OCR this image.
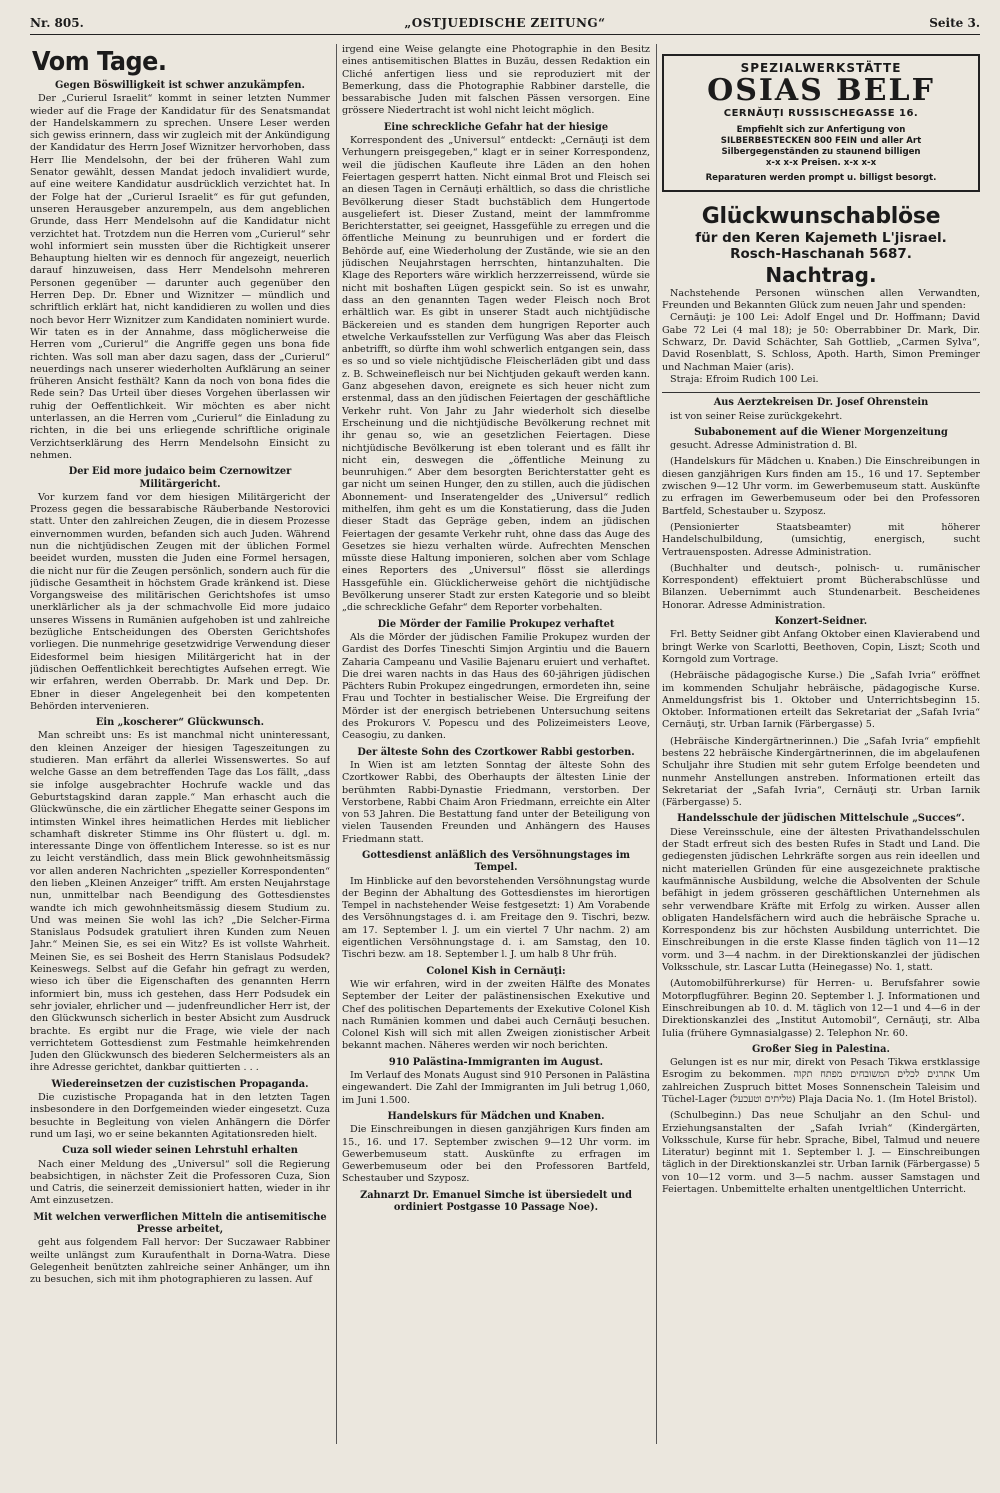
Nr. 805.	„OSTJUEDISCHE ZEITUNG“	Seite 3.
Vom Tage.
Gegen Böswilligkeit ist schwer anzukämpfen.

Der „Curierul Israelit“ kommt in seiner letzten Nummer wieder auf die Frage der Kandidatur für des Senatsmandat der Handelskammern zu sprechen. Unsere Leser werden sich gewiss erinnern, dass wir zugleich mit der Ankündigung der Kandidatur des Herrn Josef Wiznitzer hervorhoben, dass Herr Ilie Mendelsohn, der bei der früheren Wahl zum Senator gewählt, dessen Mandat jedoch invalidiert wurde, auf eine weitere Kandidatur ausdrücklich verzichtet hat. In der Folge hat der „Curierul Israelit“ es für gut gefunden, unseren Herausgeber anzurempeln, aus dem angeblichen Grunde, dass Herr Mendelsohn auf die Kandidatur nicht verzichtet hat. Trotzdem nun die Herren vom „Curierul“ sehr wohl informiert sein mussten über die Richtigkeit unserer Behauptung hielten wir es dennoch für angezeigt, neuerlich darauf hinzuweisen, dass Herr Mendelsohn mehreren Personen gegenüber — darunter auch gegenüber den Herren Dep. Dr. Ebner und Wiznitzer — mündlich und schriftlich erklärt hat, nicht kandidieren zu wollen und dies noch bevor Herr Wiznitzer zum Kandidaten nominiert wurde. Wir taten es in der Annahme, dass möglicherweise die Herren vom „Curierul“ die Angriffe gegen uns bona fide richten. Was soll man aber dazu sagen, dass der „Curierul“ neuerdings nach unserer wiederholten Aufklärung an seiner früheren Ansicht festhält? Kann da noch von bona fides die Rede sein? Das Urteil über dieses Vorgehen überlassen wir ruhig der Oeffentlichkeit. Wir möchten es aber nicht unterlassen, an die Herren vom „Curierul“ die Einladung zu richten, in die bei uns erliegende schriftliche originale Verzichtserklärung des Herrn Mendelsohn Einsicht zu nehmen.

Der Eid more judaico beim Czernowitzer Militärgericht.

Vor kurzem fand vor dem hiesigen Militärgericht der Prozess gegen die bessarabische Räuberbande Nestorovici statt. Unter den zahlreichen Zeugen, die in diesem Prozesse einvernommen wurden, befanden sich auch Juden. Während nun die nichtjüdischen Zeugen mit der üblichen Formel beeidet wurden, mussten die Juden eine Formel hersagen, die nicht nur für die Zeugen persönlich, sondern auch für die jüdische Gesamtheit in höchstem Grade kränkend ist. Diese Vorgangsweise des militärischen Gerichtshofes ist umso unerklärlicher als ja der schmachvolle Eid more judaico unseres Wissens in Rumänien aufgehoben ist und zahlreiche bezügliche Entscheidungen des Obersten Gerichtshofes vorliegen. Die nunmehrige gesetzwidrige Verwendung dieser Eidesformel beim hiesigen Militärgericht hat in der jüdischen Oeffentlichkeit berechtigtes Aufsehen erregt. Wie wir erfahren, werden Oberrabb. Dr. Mark und Dep. Dr. Ebner in dieser Angelegenheit bei den kompetenten Behörden intervenieren.

Ein „koscherer“ Glückwunsch.

Man schreibt uns: Es ist manchmal nicht uninteressant, den kleinen Anzeiger der hiesigen Tageszeitungen zu studieren. Man erfährt da allerlei Wissenswertes. So auf welche Gasse an dem betreffenden Tage das Los fällt, „dass sie infolge ausgebrachter Hochrufe wackle und das Geburtstagskind daran zapple.“ Man erhascht auch die Glückwünsche, die ein zärtlicher Ehegatte seiner Gespons im intimsten Winkel ihres heimatlichen Herdes mit lieblicher schamhaft diskreter Stimme ins Ohr flüstert u. dgl. m. interessante Dinge von öffentlichem Interesse. so ist es nur zu leicht verständlich, dass mein Blick gewohnheitsmässig vor allen anderen Nachrichten „spezieller Korrespondenten“ den lieben „Kleinen Anzeiger“ trifft. Am ersten Neujahrstage nun, unmittelbar nach Beendigung des Gottesdienstes wandte ich mich gewohnheitsmässig diesem Studium zu. Und was meinen Sie wohl las ich? „Die Selcher-Firma Stanislaus Podsudek gratuliert ihren Kunden zum Neuen Jahr.“ Meinen Sie, es sei ein Witz? Es ist vollste Wahrheit. Meinen Sie, es sei Bosheit des Herrn Stanislaus Podsudek? Keineswegs. Selbst auf die Gefahr hin gefragt zu werden, wieso ich über die Eigenschaften des genannten Herrn informiert bin, muss ich gestehen, dass Herr Podsudek ein sehr jovialer, ehrlicher und — judenfreundlicher Herr ist, der den Glückwunsch sicherlich in bester Absicht zum Ausdruck brachte. Es ergibt nur die Frage, wie viele der nach verrichtetem Gottesdienst zum Festmahle heimkehrenden Juden den Glückwunsch des biederen Selchermeisters als an ihre Adresse gerichtet, dankbar quittierten . . .

Wiedereinsetzen der cuzistischen Propaganda.

Die cuzistische Propaganda hat in den letzten Tagen insbesondere in den Dorfgemeinden wieder eingesetzt. Cuza besuchte in Begleitung von vielen Anhängern die Dörfer rund um Iaşi, wo er seine bekannten Agitationsreden hielt.

Cuza soll wieder seinen Lehrstuhl erhalten

Nach einer Meldung des „Universul“ soll die Regierung beabsichtigen, in nächster Zeit die Professoren Cuza, Sion und Catris, die seinerzeit demissioniert hatten, wieder in ihr Amt einzusetzen.

Mit welchen verwerflichen Mitteln die antisemitische Presse arbeitet,

geht aus folgendem Fall hervor: Der Suczawaer Rabbiner weilte unlängst zum Kuraufenthalt in Dorna-Watra. Diese Gelegenheit benützten zahlreiche seiner Anhänger, um ihn zu besuchen, sich mit ihm photographieren zu lassen. Auf

irgend eine Weise gelangte eine Photographie in den Besitz eines antisemitischen Blattes in Buzău, dessen Redaktion ein Cliché anfertigen liess und sie reproduziert mit der Bemerkung, dass die Photographie Rabbiner darstelle, die bessarabische Juden mit falschen Pässen versorgen. Eine grössere Niedertracht ist wohl nicht leicht möglich.

Eine schreckliche Gefahr hat der hiesige

Korrespondent des „Universul“ entdeckt: „Cernăuţi ist dem Verhungern preisgegeben,“ klagt er in seiner Korrespondenz, weil die jüdischen Kaufleute ihre Läden an den hohen Feiertagen gesperrt hatten. Nicht einmal Brot und Fleisch sei an diesen Tagen in Cernăuţi erhältlich, so dass die christliche Bevölkerung dieser Stadt buchstäblich dem Hungertode ausgeliefert ist. Dieser Zustand, meint der lammfromme Berichterstatter, sei geeignet, Hassgefühle zu erregen und die öffentliche Meinung zu beunruhigen und er fordert die Behörde auf, eine Wiederholung der Zustände, wie sie an den jüdischen Neujahrstagen herrschten, hintanzuhalten. Die Klage des Reporters wäre wirklich herzzerreissend, würde sie nicht mit boshaften Lügen gespickt sein. So ist es unwahr, dass an den genannten Tagen weder Fleisch noch Brot erhältlich war. Es gibt in unserer Stadt auch nichtjüdische Bäckereien und es standen dem hungrigen Reporter auch etwelche Verkaufsstellen zur Verfügung Was aber das Fleisch anbetrifft, so dürfte ihm wohl schwerlich entgangen sein, dass es so und so viele nichtjüdische Fleischerläden gibt und dass z. B. Schweinefleisch nur bei Nichtjuden gekauft werden kann. Ganz abgesehen davon, ereignete es sich heuer nicht zum erstenmal, dass an den jüdischen Feiertagen der geschäftliche Verkehr ruht. Von Jahr zu Jahr wiederholt sich dieselbe Erscheinung und die nichtjüdische Bevölkerung rechnet mit ihr genau so, wie an gesetzlichen Feiertagen. Diese nichtjüdische Bevölkerung ist eben tolerant und es fällt ihr nicht ein, deswegen die „öffentliche Meinung zu beunruhigen.“ Aber dem besorgten Berichterstatter geht es gar nicht um seinen Hunger, den zu stillen, auch die jüdischen Abonnement- und Inseratengelder des „Universul“ redlich mithelfen, ihm geht es um die Konstatierung, dass die Juden dieser Stadt das Gepräge geben, indem an jüdischen Feiertagen der gesamte Verkehr ruht, ohne dass das Auge des Gesetzes sie hiezu verhalten würde. Aufrechten Menschen müsste diese Haltung imponieren, solchen aber vom Schlage eines Reporters des „Universul“ flösst sie allerdings Hassgefühle ein. Glücklicherweise gehört die nichtjüdische Bevölkerung unserer Stadt zur ersten Kategorie und so bleibt „die schreckliche Gefahr“ dem Reporter vorbehalten.

Die Mörder der Familie Prokupez verhaftet

Als die Mörder der jüdischen Familie Prokupez wurden der Gardist des Dorfes Tineschti Simjon Argintiu und die Bauern Zaharia Campeanu und Vasilie Bajenaru eruiert und verhaftet. Die drei waren nachts in das Haus des 60-jährigen jüdischen Pächters Rubin Prokupez eingedrungen, ermordeten ihn, seine Frau und Tochter in bestialischer Weise. Die Ergreifung der Mörder ist der energisch betriebenen Untersuchung seitens des Prokurors V. Popescu und des Polizeimeisters Leove, Ceasogiu, zu danken.

Der älteste Sohn des Czortkower Rabbi gestorben.

In Wien ist am letzten Sonntag der älteste Sohn des Czortkower Rabbi, des Oberhaupts der ältesten Linie der berühmten Rabbi-Dynastie Friedmann, verstorben. Der Verstorbene, Rabbi Chaim Aron Friedmann, erreichte ein Alter von 53 Jahren. Die Bestattung fand unter der Beteiligung von vielen Tausenden Freunden und Anhängern des Hauses Friedmann statt.

Gottesdienst anläßlich des Versöhnungstages im Tempel.

Im Hinblicke auf den bevorstehenden Versöhnungstag wurde der Beginn der Abhaltung des Gottesdienstes im hierortigen Tempel in nachstehender Weise festgesetzt: 1) Am Vorabende des Versöhnungstages d. i. am Freitage den 9. Tischri, bezw. am 17. September l. J. um ein viertel 7 Uhr nachm. 2) am eigentlichen Versöhnungstage d. i. am Samstag, den 10. Tischri bezw. am 18. September l. J. um halb 8 Uhr früh.

Colonel Kish in Cernăuţi:

Wie wir erfahren, wird in der zweiten Hälfte des Monates September der Leiter der palästinensischen Exekutive und Chef des politischen Departements der Exekutive Colonel Kish nach Rumänien kommen und dabei auch Cernăuţi besuchen. Colonel Kish will sich mit allen Zweigen zionistischer Arbeit bekannt machen. Näheres werden wir noch berichten.

910 Palästina-Immigranten im August.

Im Verlauf des Monats August sind 910 Personen in Palästina eingewandert. Die Zahl der Immigranten im Juli betrug 1,060, im Juni 1.500.

Handelskurs für Mädchen und Knaben.

Die Einschreibungen in diesen ganzjährigen Kurs finden am 15., 16. und 17. September zwischen 9—12 Uhr vorm. im Gewerbemuseum statt. Auskünfte zu erfragen im Gewerbemuseum oder bei den Professoren Bartfeld, Schestauber und Szyposz.

Zahnarzt Dr. Emanuel Simche ist übersiedelt und ordiniert Postgasse 10 Passage Noe).
SPEZIALWERKSTÄTTE
OSIAS BELF
CERNĂUŢI RUSSISCHEGASSE 16.
Empfiehlt sich zur Anfertigung von
SILBERBESTECKEN 800 FEIN und aller Art
Silbergegenständen zu staunend billigen
x-x x-x Preisen. x-x x-x
Reparaturen werden prompt u. billigst besorgt.
Glückwunschablöse
für den Keren Kajemeth L'jisrael.
Rosch-Haschanah 5687.
Nachtrag.

Nachstehende Personen wünschen allen Verwandten, Freunden und Bekannten Glück zum neuen Jahr und spenden:

Cernăuţi: je 100 Lei: Adolf Engel und Dr. Hoffmann; David Gabe 72 Lei (4 mal 18); je 50: Oberrabbiner Dr. Mark, Dir. Schwarz, Dr. David Schächter, Sah Gottlieb, „Carmen Sylva“, David Rosenblatt, S. Schloss, Apoth. Harth, Simon Preminger und Nachman Maier (aris).

Straja: Efroim Rudich 100 Lei.

Aus Aerztekreisen Dr. Josef Ohrenstein

ist von seiner Reise zurückgekehrt.

Subabonement auf die Wiener Morgenzeitung

gesucht. Adresse Administration d. Bl.

(Handelskurs für Mädchen u. Knaben.) Die Einschreibungen in diesen ganzjährigen Kurs finden am 15., 16 und 17. September zwischen 9—12 Uhr vorm. im Gewerbemuseum statt. Auskünfte zu erfragen im Gewerbemuseum oder bei den Professoren Bartfeld, Schestauber u. Szyposz.

(Pensionierter Staatsbeamter) mit höherer Handelschulbildung, (umsichtig, energisch, sucht Vertrauensposten. Adresse Administration.

(Buchhalter und deutsch-, polnisch- u. rumänischer Korrespondent) effektuiert promt Bücherabschlüsse und Bilanzen. Uebernimmt auch Stundenarbeit. Bescheidenes Honorar. Adresse Administration.

Konzert-Seidner.

Frl. Betty Seidner gibt Anfang Oktober einen Klavierabend und bringt Werke von Scarlotti, Beethoven, Copin, Liszt; Scoth und Korngold zum Vortrage.

(Hebräische pädagogische Kurse.) Die „Safah Ivria“ eröffnet im kommenden Schuljahr hebräische, pädagogische Kurse. Anmeldungsfrist bis 1. Oktober und Unterrichtsbeginn 15. Oktober. Informationen erteilt das Sekretariat der „Safah Ivria“ Cernăuţi, str. Urban Iarnik (Färbergasse) 5.

(Hebräische Kindergärtnerinnen.) Die „Safah Ivria“ empfiehlt bestens 22 hebräische Kindergärtnerinnen, die im abgelaufenen Schuljahr ihre Studien mit sehr gutem Erfolge beendeten und nunmehr Anstellungen anstreben. Informationen erteilt das Sekretariat der „Safah Ivria“, Cernăuţi str. Urban Iarnik (Färbergasse) 5.

Handelsschule der jüdischen Mittelschule „Succes“.

Diese Vereinsschule, eine der ältesten Privathandelsschulen der Stadt erfreut sich des besten Rufes in Stadt und Land. Die gediegensten jüdischen Lehrkräfte sorgen aus rein ideellen und nicht materiellen Gründen für eine ausgezeichnete praktische kaufmännische Ausbildung, welche die Absolventen der Schule befähigt in jedem grösseren geschäftlichen Unternehmen als sehr verwendbare Kräfte mit Erfolg zu wirken. Ausser allen obligaten Handelsfächern wird auch die hebräische Sprache u. Korrespondenz bis zur höchsten Ausbildung unterrichtet. Die Einschreibungen in die erste Klasse finden täglich von 11—12 vorm. und 3—4 nachm. in der Direktionskanzlei der jüdischen Volksschule, str. Lascar Lutta (Heinegasse) No. 1, statt.

(Automobilführerkurse) für Herren- u. Berufsfahrer sowie Motorpflugführer. Beginn 20. September l. J. Informationen und Einschreibungen ab 10. d. M. täglich von 12—1 und 4—6 in der Direktionskanzlei des „Institut Automobil“, Cernăuţi, str. Alba Iulia (frühere Gymnasialgasse) 2. Telephon Nr. 60.

Großer Sieg in Palestina.

Gelungen ist es nur mir, direkt von Pesach Tikwa erstklassige Esrogim zu bekommen. אתרגים לכלים המשובחים מפתח תקוה Um zahlreichen Zuspruch bittet Moses Sonnenschein Taleisim und Tüchel-Lager (טליתים וטעכעל) Plaja Dacia No. 1. (Im Hotel Bristol).

(Schulbeginn.) Das neue Schuljahr an den Schul- und Erziehungsanstalten der „Safah Ivriah“ (Kindergärten, Volksschule, Kurse für hebr. Sprache, Bibel, Talmud und neuere Literatur) beginnt mit 1. September l. J. — Einschreibungen täglich in der Direktionskanzlei str. Urban Iarnik (Färbergasse) 5 von 10—12 vorm. und 3—5 nachm. ausser Samstagen und Feiertagen. Unbemittelte erhalten unentgeltlichen Unterricht.
